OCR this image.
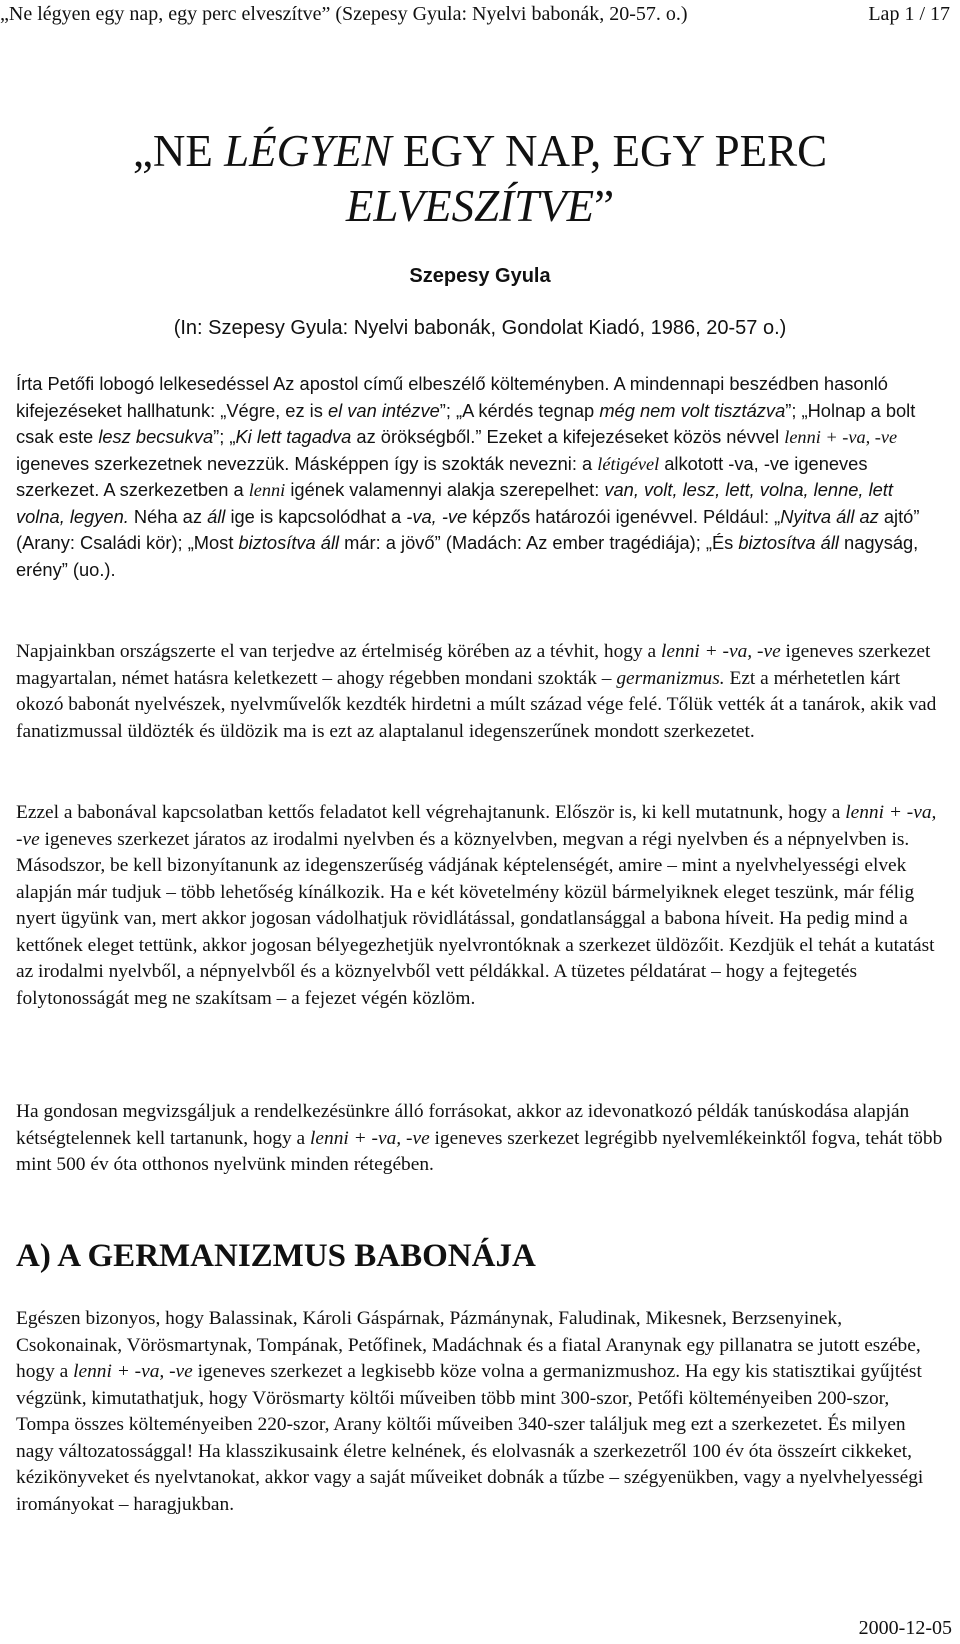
„Ne légyen egy nap, egy perc elveszítve” (Szepesy Gyula: Nyelvi babonák, 20-57. o.)	Lap 1 / 17
„NE LÉGYEN EGY NAP, EGY PERC
ELVESZÍTVE”
Szepesy Gyula
(In: Szepesy Gyula: Nyelvi babonák, Gondolat Kiadó, 1986, 20-57 o.)

Írta Petőfi lobogó lelkesedéssel Az apostol című elbeszélő költeményben. A mindennapi beszédben hasonló kifejezéseket hallhatunk: „Végre, ez is el van intézve”; „A kérdés tegnap még nem volt tisztázva”; „Holnap a bolt csak este lesz becsukva”; „Ki lett tagadva az örökségből.” Ezeket a kifejezéseket közös névvel lenni + -va, -ve igeneves szerkezetnek nevezzük. Másképpen így is szokták nevezni: a létigével alkotott -va, -ve igeneves szerkezet. A szerkezetben a lenni igének valamennyi alakja szerepelhet: van, volt, lesz, lett, volna, lenne, lett volna, legyen. Néha az áll ige is kapcsolódhat a -va, -ve képzős határozói igenévvel. Például: „Nyitva áll az ajtó” (Arany: Családi kör); „Most biztosítva áll már: a jövő” (Madách: Az ember tragédiája); „És biztosítva áll nagyság, erény” (uo.).

Napjainkban országszerte el van terjedve az értelmiség körében az a tévhit, hogy a lenni + -va, -ve igeneves szerkezet magyartalan, német hatásra keletkezett – ahogy régebben mondani szokták – germanizmus. Ezt a mérhetetlen kárt okozó babonát nyelvészek, nyelvművelők kezdték hirdetni a múlt század vége felé. Tőlük vették át a tanárok, akik vad fanatizmussal üldözték és üldözik ma is ezt az alaptalanul idegenszerűnek mondott szerkezetet.

Ezzel a babonával kapcsolatban kettős feladatot kell végrehajtanunk. Először is, ki kell mutatnunk, hogy a lenni + -va, -ve igeneves szerkezet járatos az irodalmi nyelvben és a köznyelvben, megvan a régi nyelvben és a népnyelvben is. Másodszor, be kell bizonyítanunk az idegenszerűség vádjának képtelenségét, amire – mint a nyelvhelyességi elvek alapján már tudjuk – több lehetőség kínálkozik. Ha e két követelmény közül bármelyiknek eleget teszünk, már félig nyert ügyünk van, mert akkor jogosan vádolhatjuk rövidlátással, gondatlansággal a babona híveit. Ha pedig mind a kettőnek eleget tettünk, akkor jogosan bélyegezhetjük nyelvrontóknak a szerkezet üldözőit. Kezdjük el tehát a kutatást az irodalmi nyelvből, a népnyelvből és a köznyelvből vett példákkal. A tüzetes példatárat – hogy a fejtegetés folytonosságát meg ne szakítsam – a fejezet végén közlöm.

Ha gondosan megvizsgáljuk a rendelkezésünkre álló forrásokat, akkor az idevonatkozó példák tanúskodása alapján kétségtelennek kell tartanunk, hogy a lenni + -va, -ve igeneves szerkezet legrégibb nyelvemlékeinktől fogva, tehát több mint 500 év óta otthonos nyelvünk minden rétegében.

A) A GERMANIZMUS BABONÁJA

Egészen bizonyos, hogy Balassinak, Károli Gáspárnak, Pázmánynak, Faludinak, Mikesnek, Berzsenyinek, Csokonainak, Vörösmartynak, Tompának, Petőfinek, Madáchnak és a fiatal Aranynak egy pillanatra se jutott eszébe, hogy a lenni + -va, -ve igeneves szerkezet a legkisebb köze volna a germanizmushoz. Ha egy kis statisztikai gyűjtést végzünk, kimutathatjuk, hogy Vörösmarty költői műveiben több mint 300-szor, Petőfi költeményeiben 200-szor, Tompa összes költeményeiben 220-szor, Arany költői műveiben 340-szer találjuk meg ezt a szerkezetet. És milyen nagy változatossággal! Ha klasszikusaink életre kelnének, és elolvasnák a szerkezetről 100 év óta összeírt cikkeket, kézikönyveket és nyelvtanokat, akkor vagy a saját műveiket dobnák a tűzbe – szégyenükben, vagy a nyelvhelyességi irományokat – haragjukban.

2000-12-05
